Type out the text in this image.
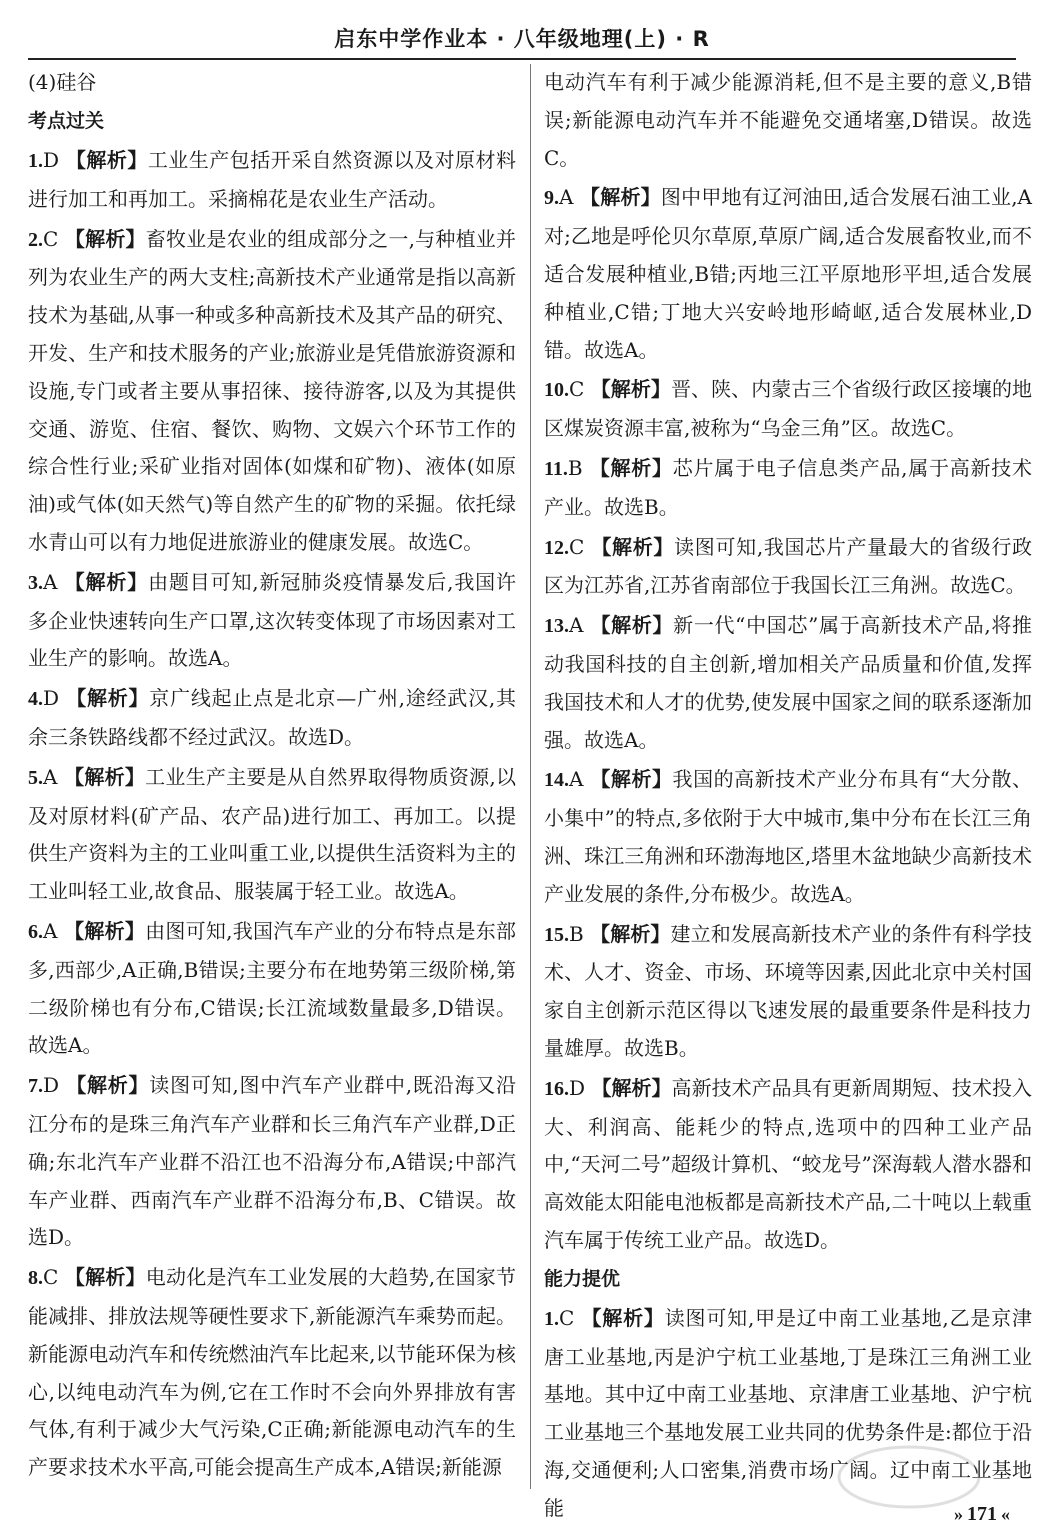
启东中学作业本 · 八年级地理(上) · R
(4)硅谷
考点过关
1.D 【解析】工业生产包括开采自然资源以及对原材料进行加工和再加工。采摘棉花是农业生产活动。
2.C 【解析】畜牧业是农业的组成部分之一,与种植业并列为农业生产的两大支柱;高新技术产业通常是指以高新技术为基础,从事一种或多种高新技术及其产品的研究、开发、生产和技术服务的产业;旅游业是凭借旅游资源和设施,专门或者主要从事招徕、接待游客,以及为其提供交通、游览、住宿、餐饮、购物、文娱六个环节工作的综合性行业;采矿业指对固体(如煤和矿物)、液体(如原油)或气体(如天然气)等自然产生的矿物的采掘。依托绿水青山可以有力地促进旅游业的健康发展。故选C。
3.A 【解析】由题目可知,新冠肺炎疫情暴发后,我国许多企业快速转向生产口罩,这次转变体现了市场因素对工业生产的影响。故选A。
4.D 【解析】京广线起止点是北京—广州,途经武汉,其余三条铁路线都不经过武汉。故选D。
5.A 【解析】工业生产主要是从自然界取得物质资源,以及对原材料(矿产品、农产品)进行加工、再加工。以提供生产资料为主的工业叫重工业,以提供生活资料为主的工业叫轻工业,故食品、服装属于轻工业。故选A。
6.A 【解析】由图可知,我国汽车产业的分布特点是东部多,西部少,A正确,B错误;主要分布在地势第三级阶梯,第二级阶梯也有分布,C错误;长江流域数量最多,D错误。故选A。
7.D 【解析】读图可知,图中汽车产业群中,既沿海又沿江分布的是珠三角汽车产业群和长三角汽车产业群,D正确;东北汽车产业群不沿江也不沿海分布,A错误;中部汽车产业群、西南汽车产业群不沿海分布,B、C错误。故选D。
8.C 【解析】电动化是汽车工业发展的大趋势,在国家节能减排、排放法规等硬性要求下,新能源汽车乘势而起。新能源电动汽车和传统燃油汽车比起来,以节能环保为核心,以纯电动汽车为例,它在工作时不会向外界排放有害气体,有利于减少大气污染,C正确;新能源电动汽车的生产要求技术水平高,可能会提高生产成本,A错误;新能源
电动汽车有利于减少能源消耗,但不是主要的意义,B错误;新能源电动汽车并不能避免交通堵塞,D错误。故选C。
9.A 【解析】图中甲地有辽河油田,适合发展石油工业,A对;乙地是呼伦贝尔草原,草原广阔,适合发展畜牧业,而不适合发展种植业,B错;丙地三江平原地形平坦,适合发展种植业,C错;丁地大兴安岭地形崎岖,适合发展林业,D错。故选A。
10.C 【解析】晋、陕、内蒙古三个省级行政区接壤的地区煤炭资源丰富,被称为“乌金三角”区。故选C。
11.B 【解析】芯片属于电子信息类产品,属于高新技术产业。故选B。
12.C 【解析】读图可知,我国芯片产量最大的省级行政区为江苏省,江苏省南部位于我国长江三角洲。故选C。
13.A 【解析】新一代“中国芯”属于高新技术产品,将推动我国科技的自主创新,增加相关产品质量和价值,发挥我国技术和人才的优势,使发展中国家之间的联系逐渐加强。故选A。
14.A 【解析】我国的高新技术产业分布具有“大分散、小集中”的特点,多依附于大中城市,集中分布在长江三角洲、珠江三角洲和环渤海地区,塔里木盆地缺少高新技术产业发展的条件,分布极少。故选A。
15.B 【解析】建立和发展高新技术产业的条件有科学技术、人才、资金、市场、环境等因素,因此北京中关村国家自主创新示范区得以飞速发展的最重要条件是科技力量雄厚。故选B。
16.D 【解析】高新技术产品具有更新周期短、技术投入大、利润高、能耗少的特点,选项中的四种工业产品中,“天河二号”超级计算机、“蛟龙号”深海载人潜水器和高效能太阳能电池板都是高新技术产品,二十吨以上载重汽车属于传统工业产品。故选D。
能力提优
1.C 【解析】读图可知,甲是辽中南工业基地,乙是京津唐工业基地,丙是沪宁杭工业基地,丁是珠江三角洲工业基地。其中辽中南工业基地、京津唐工业基地、沪宁杭工业基地三个基地发展工业共同的优势条件是:都位于沿海,交通便利;人口密集,消费市场广阔。辽中南工业基地能	» 171 «
